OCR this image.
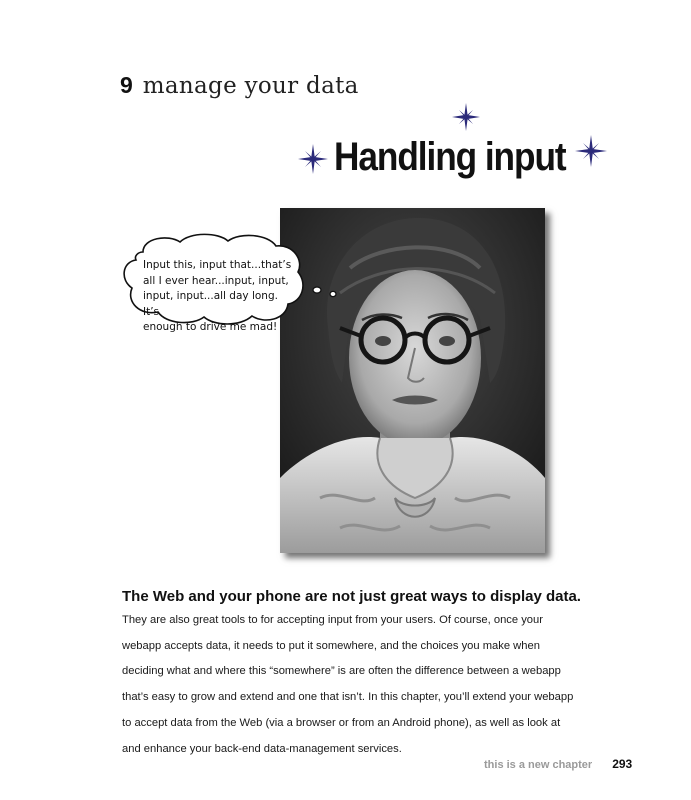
9 manage your data
Handling input
Input this, input that...that’s
all I ever hear...input, input,
input, input...all day long. It’s
enough to drive me mad!
The Web and your phone are not just great ways to display data.
They are also great tools to for accepting input from your users. Of course, once your
webapp accepts data, it needs to put it somewhere, and the choices you make when
deciding what and where this “somewhere” is are often the difference between a webapp
that’s easy to grow and extend and one that isn’t. In this chapter, you’ll extend your webapp
to accept data from the Web (via a browser or from an Android phone), as well as look at
and enhance your back-end data-management services.
this is a new chapter 293
